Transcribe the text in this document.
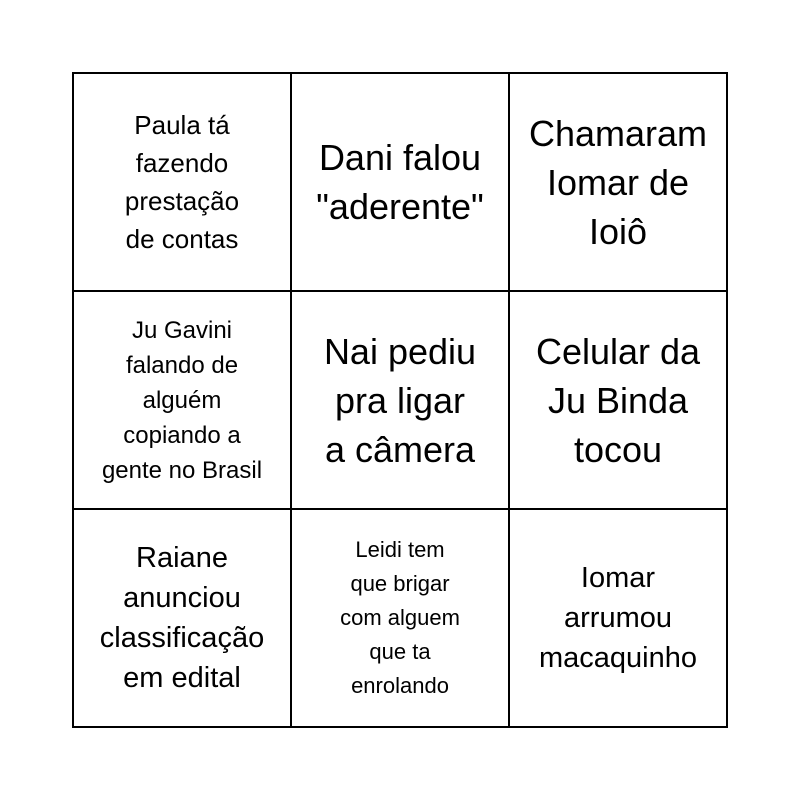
Paula tá
fazendo
prestação
de contas
Dani falou
"aderente"
Chamaram
Iomar de
Ioiô
Ju Gavini
falando de
alguém
copiando a
gente no Brasil
Nai pediu
pra ligar
a câmera
Celular da
Ju Binda
tocou
Raiane
anunciou
classificação
em edital
Leidi tem
que brigar
com alguem
que ta
enrolando
Iomar
arrumou
macaquinho
